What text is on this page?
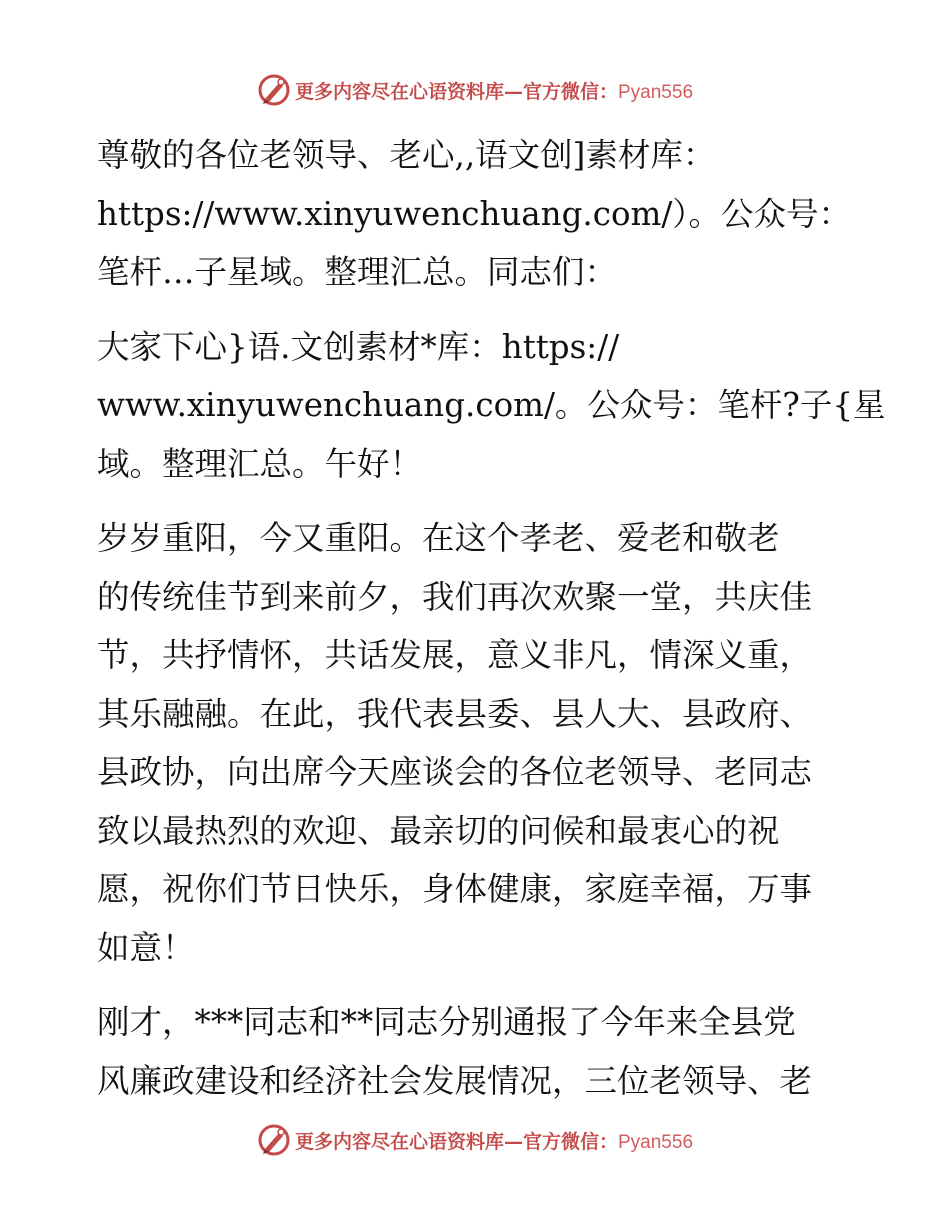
更多内容尽在心语资料库—官方微信：Pyan556

尊敬的各位老领导、老心,,语文创]素材库：
https://www.xinyuwenchuang.com/）。公众号：
笔杆…子星域。整理汇总。同志们：

大家下心}语.文创素材*库：https://
www.xinyuwenchuang.com/。公众号：笔杆?子{星
域。整理汇总。午好！

岁岁重阳，今又重阳。在这个孝老、爱老和敬老
的传统佳节到来前夕，我们再次欢聚一堂，共庆佳
节，共抒情怀，共话发展，意义非凡，情深义重，
其乐融融。在此，我代表县委、县人大、县政府、
县政协，向出席今天座谈会的各位老领导、老同志
致以最热烈的欢迎、最亲切的问候和最衷心的祝
愿，祝你们节日快乐，身体健康，家庭幸福，万事
如意！

刚才，***同志和**同志分别通报了今年来全县党
风廉政建设和经济社会发展情况，三位老领导、老

更多内容尽在心语资料库—官方微信：Pyan556
